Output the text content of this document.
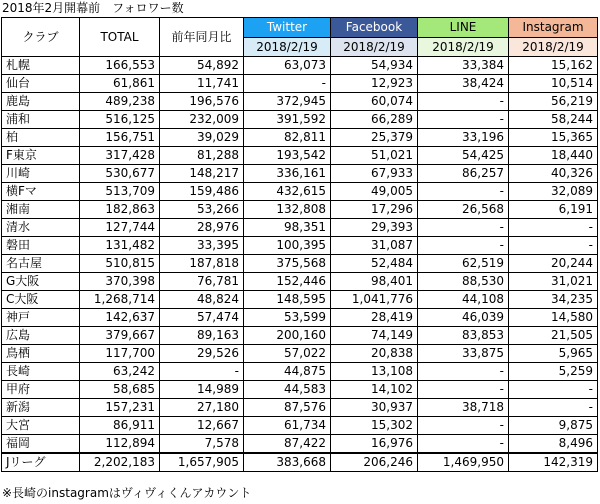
2018年2月開幕前　フォロワー数
クラブ	TOTAL	前年同月比	Twitter	Facebook	LINE	Instagram
			2018/2/19	2018/2/19	2018/2/19	2018/2/19
札幌	166,553	54,892	63,073	54,934	33,384	15,162
仙台	61,861	11,741	-	12,923	38,424	10,514
鹿島	489,238	196,576	372,945	60,074	-	56,219
浦和	516,125	232,009	391,592	66,289	-	58,244
柏	156,751	39,029	82,811	25,379	33,196	15,365
F東京	317,428	81,288	193,542	51,021	54,425	18,440
川崎	530,677	148,217	336,161	67,933	86,257	40,326
横Fマ	513,709	159,486	432,615	49,005	-	32,089
湘南	182,863	53,266	132,808	17,296	26,568	6,191
清水	127,744	28,976	98,351	29,393	-	-
磐田	131,482	33,395	100,395	31,087	-	-
名古屋	510,815	187,818	375,568	52,484	62,519	20,244
G大阪	370,398	76,781	152,446	98,401	88,530	31,021
C大阪	1,268,714	48,824	148,595	1,041,776	44,108	34,235
神戸	142,637	57,474	53,599	28,419	46,039	14,580
広島	379,667	89,163	200,160	74,149	83,853	21,505
鳥栖	117,700	29,526	57,022	20,838	33,875	5,965
長崎	63,242	-	44,875	13,108	-	5,259
甲府	58,685	14,989	44,583	14,102	-	-
新潟	157,231	27,180	87,576	30,937	38,718	-
大宮	86,911	12,667	61,734	15,302	-	9,875
福岡	112,894	7,578	87,422	16,976	-	8,496
Jリーグ	2,202,183	1,657,905	383,668	206,246	1,469,950	142,319
※長崎のinstagramはヴィヴィくんアカウント
